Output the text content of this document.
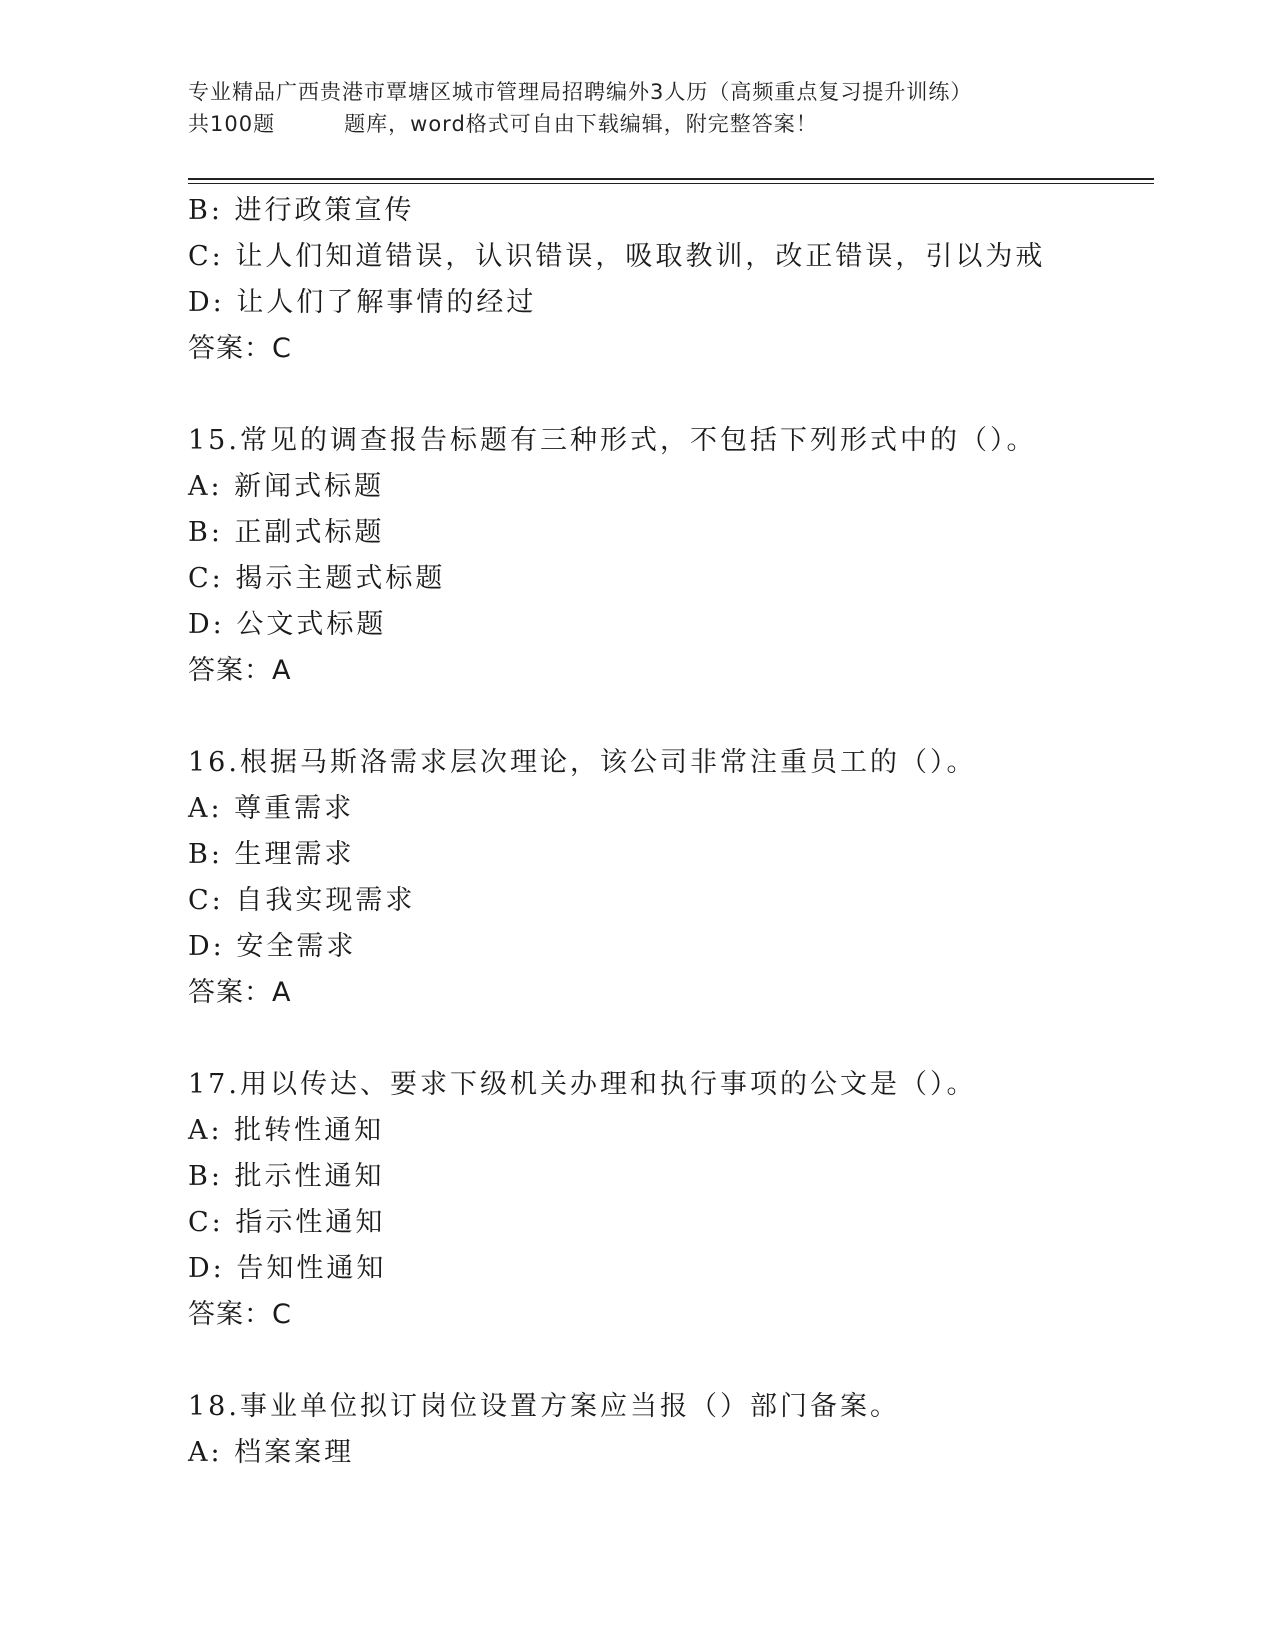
专业精品广西贵港市覃塘区城市管理局招聘编外3人历（高频重点复习提升训练）
共100题         题库，word格式可自由下载编辑，附完整答案！
B: 进行政策宣传
C: 让人们知道错误，认识错误，吸取教训，改正错误，引以为戒
D: 让人们了解事情的经过
答案：C
15.常见的调查报告标题有三种形式，不包括下列形式中的（）。
A: 新闻式标题
B: 正副式标题
C: 揭示主题式标题
D: 公文式标题
答案：A
16.根据马斯洛需求层次理论，该公司非常注重员工的（）。
A: 尊重需求
B: 生理需求
C: 自我实现需求
D: 安全需求
答案：A
17.用以传达、要求下级机关办理和执行事项的公文是（）。
A: 批转性通知
B: 批示性通知
C: 指示性通知
D: 告知性通知
答案：C
18.事业单位拟订岗位设置方案应当报（）部门备案。
A: 档案案理
